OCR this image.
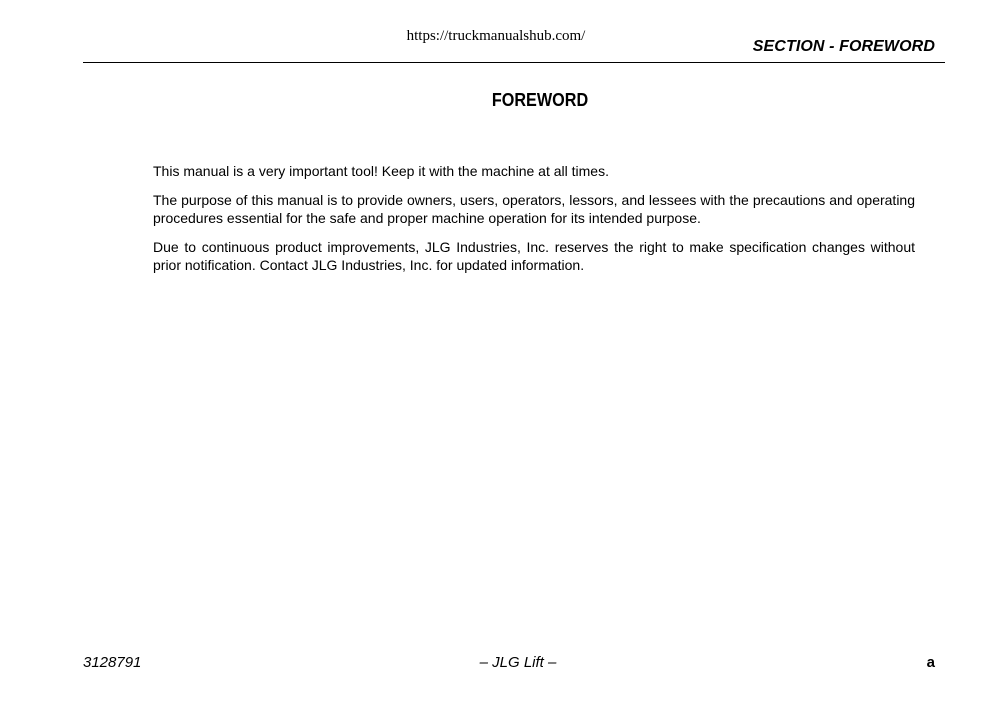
https://truckmanualshub.com/
SECTION - FOREWORD
FOREWORD

This manual is a very important tool! Keep it with the machine at all times.

The purpose of this manual is to provide owners, users, operators, lessors, and lessees with the precautions and operating procedures essential for the safe and proper machine operation for its intended purpose.

Due to continuous product improvements, JLG Industries, Inc. reserves the right to make specification changes without prior notification. Contact JLG Industries, Inc. for updated information.

3128791	– JLG Lift –	a
